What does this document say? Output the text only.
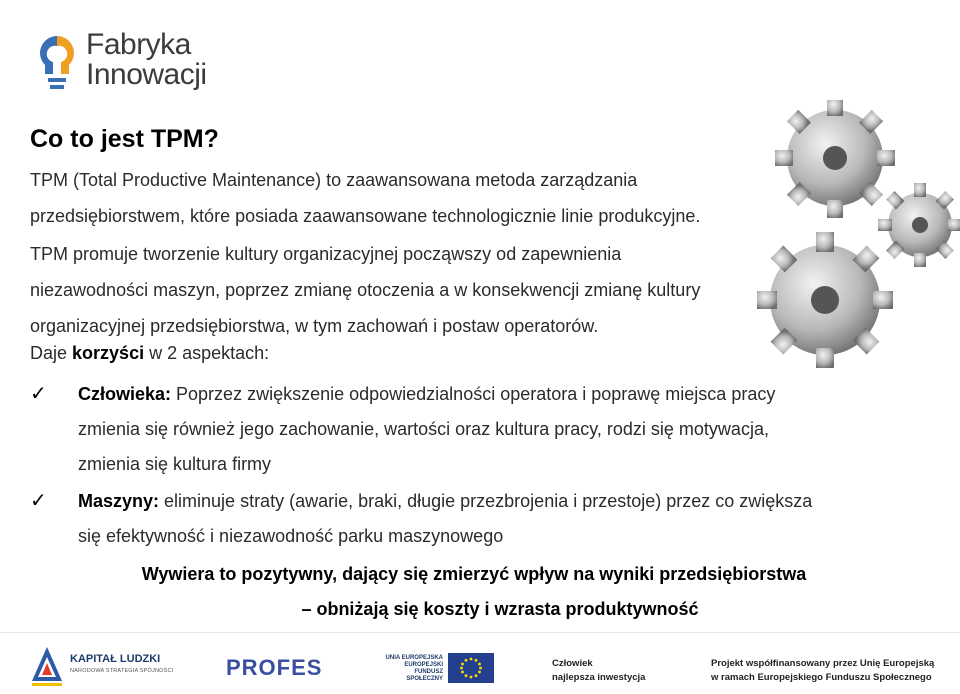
Fabryka
Innowacji
Co to jest TPM?
TPM (Total Productive Maintenance) to zaawansowana metoda zarządzania
przedsiębiorstwem, które posiada zaawansowane technologicznie linie produkcyjne.
TPM promuje tworzenie kultury organizacyjnej począwszy od zapewnienia
niezawodności maszyn, poprzez zmianę otoczenia a w konsekwencji zmianę kultury
organizacyjnej przedsiębiorstwa, w tym zachowań i postaw operatorów.
Daje korzyści w 2 aspektach:
✓ Człowieka: Poprzez zwiększenie odpowiedzialności operatora i poprawę miejsca pracy
zmienia się również jego zachowanie, wartości oraz kultura pracy, rodzi się motywacja,
zmienia się kultura firmy
✓ Maszyny: eliminuje straty (awarie, braki, długie przezbrojenia i przestoje) przez co zwiększa
się efektywność i niezawodność parku maszynowego
Wywiera to pozytywny, dający się zmierzyć wpływ na wyniki przedsiębiorstwa
– obniżają się koszty i wzrasta produktywność
KAPITAŁ LUDZKI
NARODOWA STRATEGIA SPÓJNOŚCI PROFES	UNIA EUROPEJSKA
EUROPEJSKI
FUNDUSZ SPOŁECZNY
Człowiek
najlepsza inwestycja
Projekt współfinansowany przez Unię Europejską
w ramach Europejskiego Funduszu Społecznego
